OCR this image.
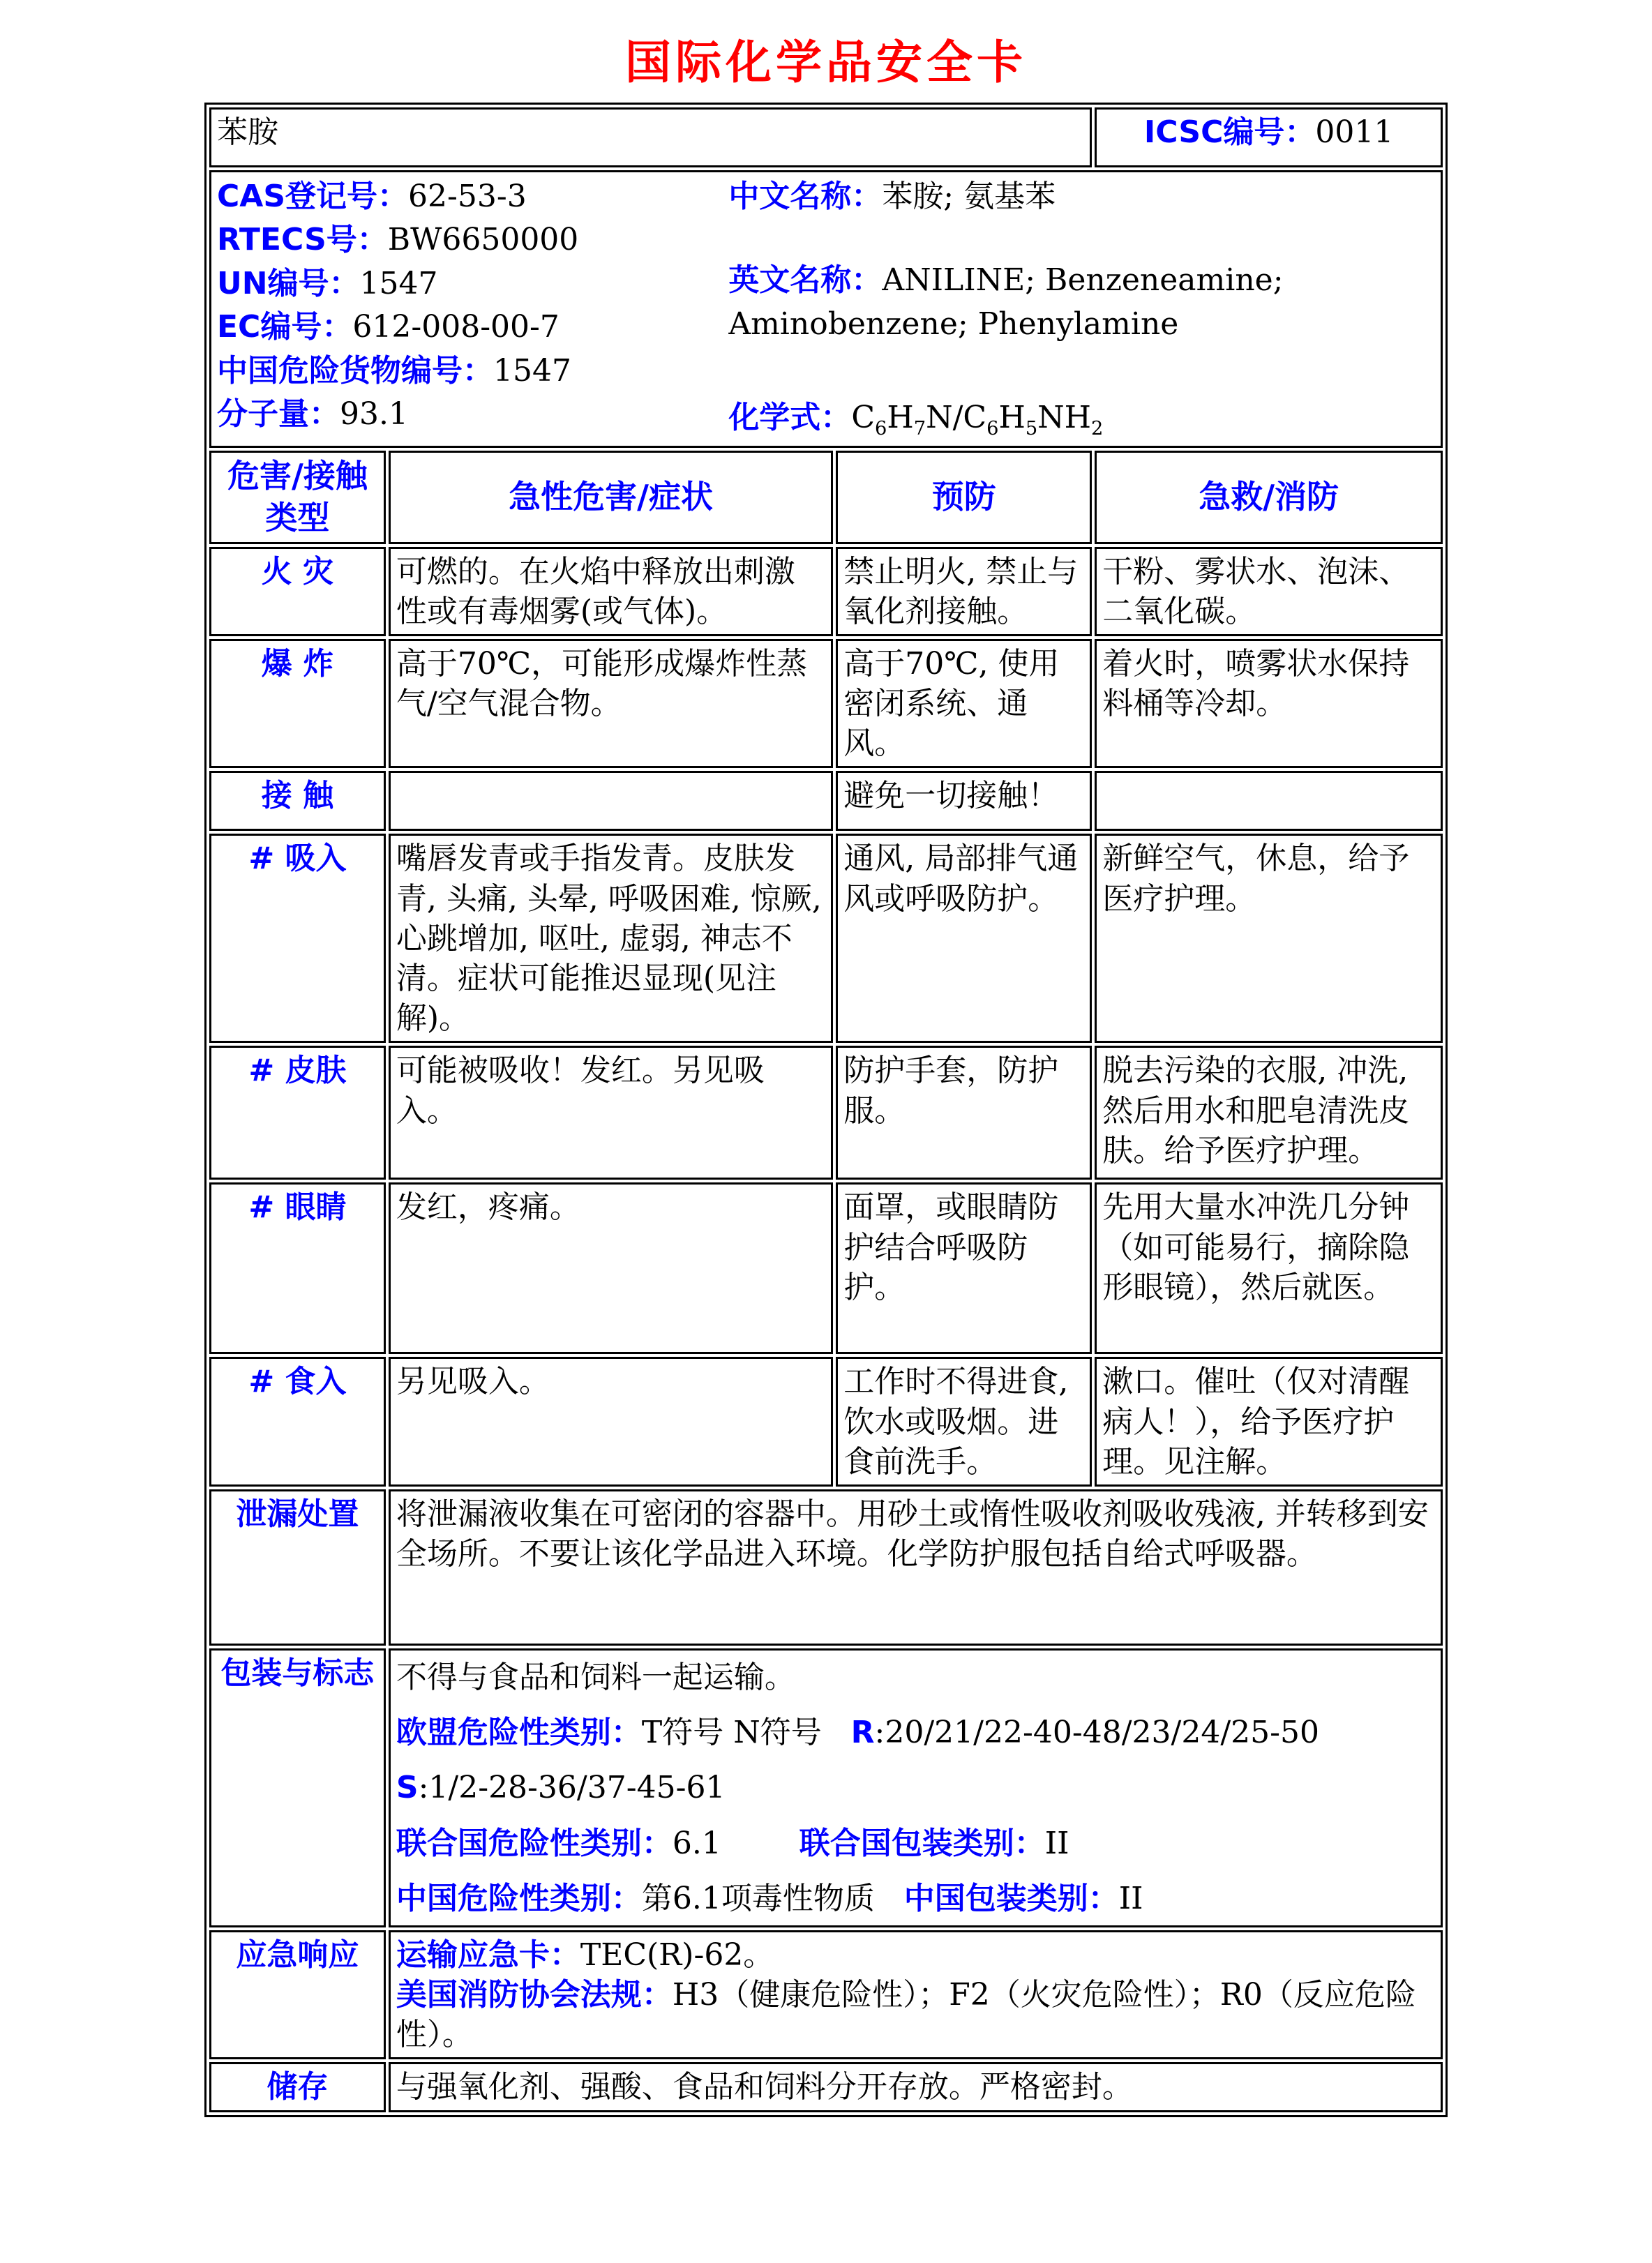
国际化学品安全卡
苯胺			ICSC编号：0011

CAS登记号：62-53-3
RTECS号：BW6650000
UN编号：1547
EC编号：612-008-00-7
中国危险货物编号：1547
分子量：93.1
中文名称：苯胺; 氨基苯
英文名称：ANILINE; Benzeneamine; Aminobenzene; Phenylamine
化学式：$C_6H_7N/C_6H_5NH_2$

危害/接触 类型	急性危害/症状	预防	急救/消防
火 灾	可燃的。在火焰中释放出刺激性或有毒烟雾(或气体)。	禁止明火, 禁止与氧化剂接触。	干粉、雾状水、泡沫、二氧化碳。
爆 炸	高于70℃，可能形成爆炸性蒸气/空气混合物。	高于70℃, 使用密闭系统、通风。	着火时，喷雾状水保持料桶等冷却。
接 触		避免一切接触！	
# 吸入	嘴唇发青或手指发青。皮肤发青, 头痛, 头晕, 呼吸困难, 惊厥, 心跳增加, 呕吐, 虚弱, 神志不清。症状可能推迟显现(见注解)。	通风, 局部排气通风或呼吸防护。	新鲜空气，休息，给予医疗护理。
# 皮肤	可能被吸收！发红。另见吸入。	防护手套，防护服。	脱去污染的衣服, 冲洗, 然后用水和肥皂清洗皮肤。给予医疗护理。
# 眼睛	发红，疼痛。	面罩，或眼睛防护结合呼吸防护。	先用大量水冲洗几分钟（如可能易行，摘除隐形眼镜），然后就医。
# 食入	另见吸入。	工作时不得进食, 饮水或吸烟。进食前洗手。	漱口。催吐（仅对清醒病人！），给予医疗护理。见注解。
泄漏处置	将泄漏液收集在可密闭的容器中。用砂土或惰性吸收剂吸收残液, 并转移到安全场所。不要让该化学品进入环境。化学防护服包括自给式呼吸器。		
包装与标志	不得与食品和饲料一起运输。
欧盟危险性类别：T符号 N符号   R:20/21/22-40-48/23/24/25-50
S:1/2-28-36/37-45-61
联合国危险性类别：6.1        联合国包装类别：II
中国危险性类别：第6.1项毒性物质   中国包装类别：II		

应急响应	运输应急卡：TEC(R)-62。
美国消防协会法规：H3（健康危险性）；F2（火灾危险性）；R0（反应危险性）。		

储存	与强氧化剂、强酸、食品和饲料分开存放。严格密封。		
